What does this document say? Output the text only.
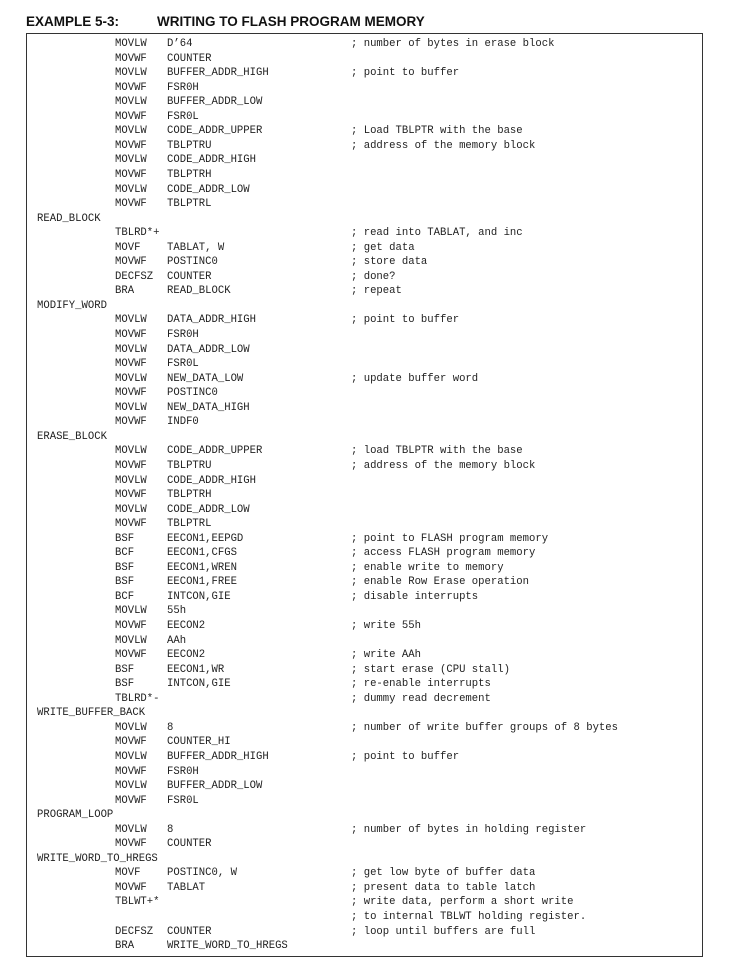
EXAMPLE 5-3:	WRITING TO FLASH PROGRAM MEMORY
MOVLW D’64	; number of bytes in erase block
MOVWF COUNTER
MOVLW BUFFER_ADDR_HIGH	; point to buffer
MOVWF FSR0H
MOVLW BUFFER_ADDR_LOW
MOVWF FSR0L
MOVLW CODE_ADDR_UPPER	; Load TBLPTR with the base
MOVWF TBLPTRU	; address of the memory block
MOVLW CODE_ADDR_HIGH
MOVWF TBLPTRH
MOVLW CODE_ADDR_LOW
MOVWF TBLPTRL
READ_BLOCK
TBLRD*+	; read into TABLAT, and inc
MOVF	TABLAT, W	; get data
MOVWF POSTINC0	; store data
DECFSZ COUNTER	; done?
BRA	READ_BLOCK	; repeat
MODIFY_WORD
MOVLW DATA_ADDR_HIGH	; point to buffer
MOVWF FSR0H
MOVLW DATA_ADDR_LOW
MOVWF FSR0L
MOVLW NEW_DATA_LOW	; update buffer word
MOVWF POSTINC0
MOVLW NEW_DATA_HIGH
MOVWF INDF0
ERASE_BLOCK
MOVLW CODE_ADDR_UPPER	; load TBLPTR with the base
MOVWF TBLPTRU	; address of the memory block
MOVLW CODE_ADDR_HIGH
MOVWF TBLPTRH
MOVLW CODE_ADDR_LOW
MOVWF TBLPTRL
BSF	EECON1,EEPGD	; point to FLASH program memory
BCF	EECON1,CFGS	; access FLASH program memory
BSF	EECON1,WREN	; enable write to memory
BSF	EECON1,FREE	; enable Row Erase operation
BCF	INTCON,GIE	; disable interrupts
MOVLW 55h
MOVWF EECON2	; write 55h
MOVLW AAh
MOVWF EECON2	; write AAh
BSF	EECON1,WR	; start erase (CPU stall)
BSF	INTCON,GIE	; re-enable interrupts
TBLRD*-	; dummy read decrement
WRITE_BUFFER_BACK
MOVLW 8	; number of write buffer groups of 8 bytes
MOVWF COUNTER_HI
MOVLW BUFFER_ADDR_HIGH	; point to buffer
MOVWF FSR0H
MOVLW BUFFER_ADDR_LOW
MOVWF FSR0L
PROGRAM_LOOP
MOVLW 8	; number of bytes in holding register
MOVWF COUNTER
WRITE_WORD_TO_HREGS
MOVF	POSTINC0, W	; get low byte of buffer data
MOVWF TABLAT	; present data to table latch
TBLWT+*	; write data, perform a short write
; to internal TBLWT holding register.
DECFSZ COUNTER	; loop until buffers are full
BRA	WRITE_WORD_TO_HREGS
